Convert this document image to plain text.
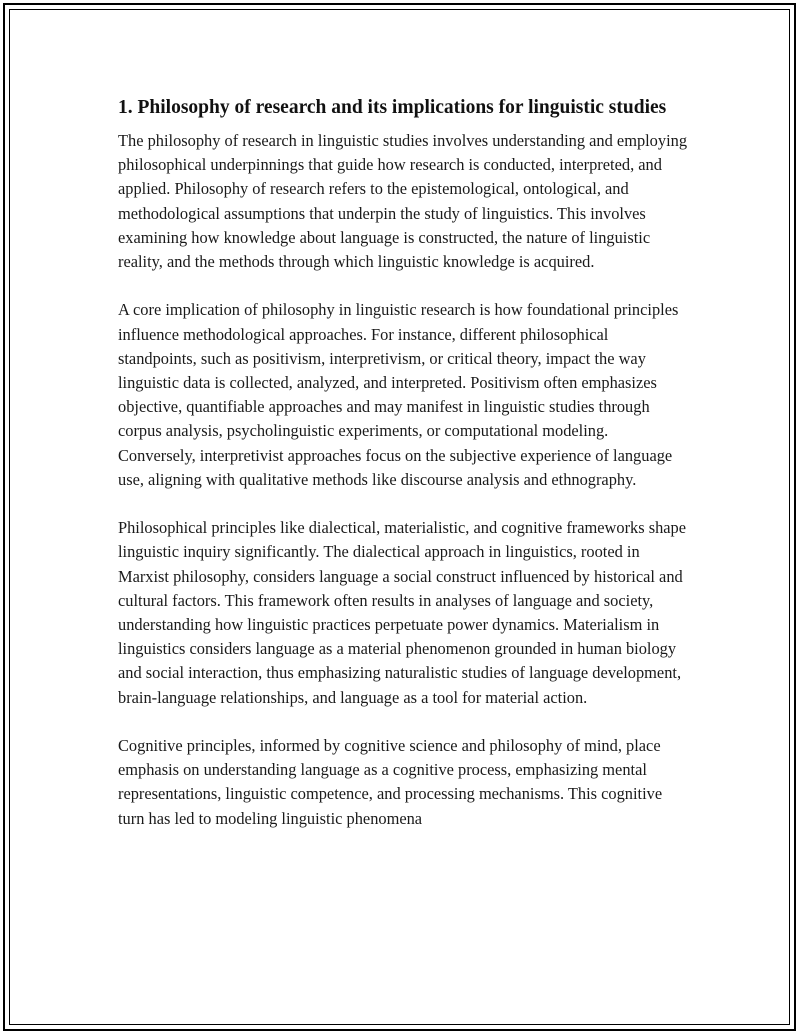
1. Philosophy of research and its implications for linguistic studies

The philosophy of research in linguistic studies involves understanding and employing philosophical underpinnings that guide how research is conducted, interpreted, and applied. Philosophy of research refers to the epistemological, ontological, and methodological assumptions that underpin the study of linguistics. This involves examining how knowledge about language is constructed, the nature of linguistic reality, and the methods through which linguistic knowledge is acquired.

A core implication of philosophy in linguistic research is how foundational principles influence methodological approaches. For instance, different philosophical standpoints, such as positivism, interpretivism, or critical theory, impact the way linguistic data is collected, analyzed, and interpreted. Positivism often emphasizes objective, quantifiable approaches and may manifest in linguistic studies through corpus analysis, psycholinguistic experiments, or computational modeling. Conversely, interpretivist approaches focus on the subjective experience of language use, aligning with qualitative methods like discourse analysis and ethnography.

Philosophical principles like dialectical, materialistic, and cognitive frameworks shape linguistic inquiry significantly. The dialectical approach in linguistics, rooted in Marxist philosophy, considers language a social construct influenced by historical and cultural factors. This framework often results in analyses of language and society, understanding how linguistic practices perpetuate power dynamics. Materialism in linguistics considers language as a material phenomenon grounded in human biology and social interaction, thus emphasizing naturalistic studies of language development, brain-language relationships, and language as a tool for material action.

Cognitive principles, informed by cognitive science and philosophy of mind, place emphasis on understanding language as a cognitive process, emphasizing mental representations, linguistic competence, and processing mechanisms. This cognitive turn has led to modeling linguistic phenomena
